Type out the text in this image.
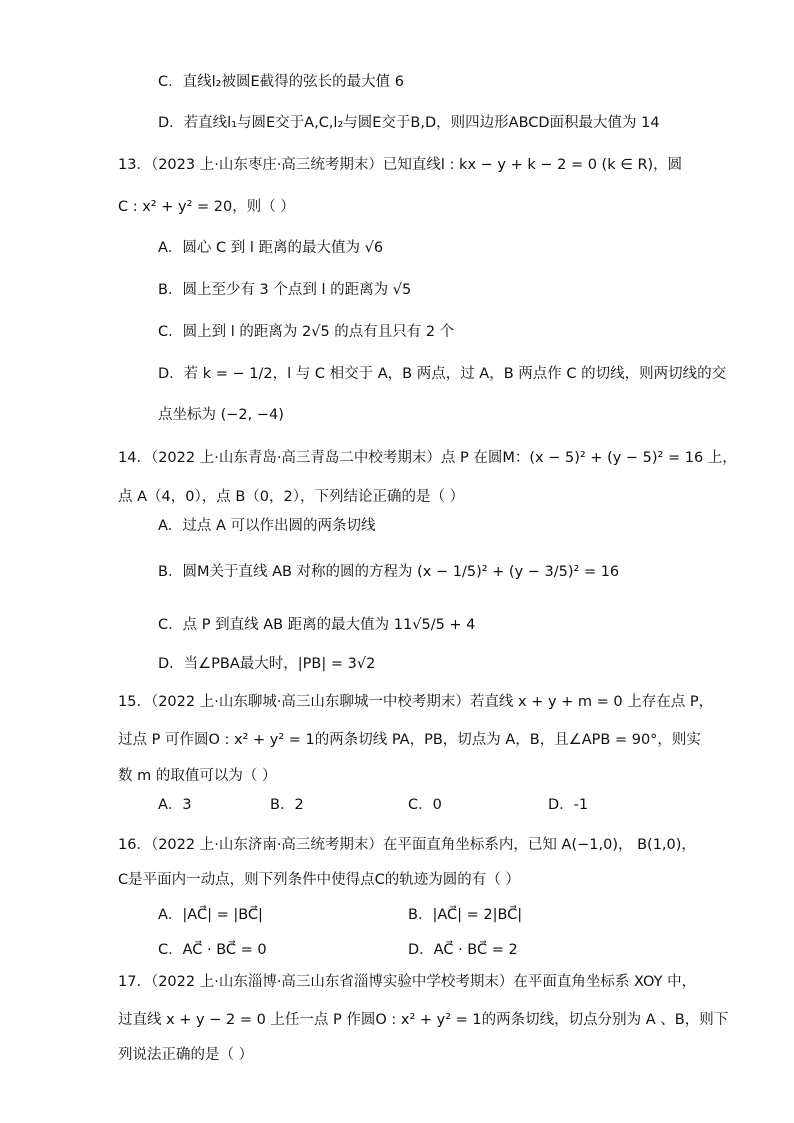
C．直线l₂被圆E截得的弦长的最大值 6
D．若直线l₁与圆E交于A,C,l₂与圆E交于B,D，则四边形ABCD面积最大值为 14
13．（2023 上·山东枣庄·高三统考期末）已知直线l : kx − y + k − 2 = 0 (k ∈ R)，圆
C : x² + y² = 20，则（ ）
A．圆心 C 到 l 距离的最大值为 √6
B．圆上至少有 3 个点到 l 的距离为 √5
C．圆上到 l 的距离为 2√5 的点有且只有 2 个
D．若 k = − 1/2，l 与 C 相交于 A，B 两点，过 A，B 两点作 C 的切线，则两切线的交
点坐标为 (−2, −4)
14．（2022 上·山东青岛·高三青岛二中校考期末）点 P 在圆M：(x − 5)² + (y − 5)² = 16 上，
点 A（4，0），点 B（0，2），下列结论正确的是（ ）
A．过点 A 可以作出圆的两条切线
B．圆M关于直线 AB 对称的圆的方程为 (x − 1/5)² + (y − 3/5)² = 16
C．点 P 到直线 AB 距离的最大值为 11√5/5 + 4
D．当∠PBA最大时，|PB| = 3√2
15．（2022 上·山东聊城·高三山东聊城一中校考期末）若直线 x + y + m = 0 上存在点 P，
过点 P 可作圆O : x² + y² = 1的两条切线 PA，PB，切点为 A，B，且∠APB = 90°，则实
数 m 的取值可以为（ ）
A．3	B．2	C．0	D．-1
16．（2022 上·山东济南·高三统考期末）在平面直角坐标系内，已知 A(−1,0)， B(1,0)，
C是平面内一动点，则下列条件中使得点C的轨迹为圆的有（ ）
A．|AC⃗| = |BC⃗|	B．|AC⃗| = 2|BC⃗|
C．AC⃗ · BC⃗ = 0	D．AC⃗ · BC⃗ = 2
17．（2022 上·山东淄博·高三山东省淄博实验中学校考期末）在平面直角坐标系 XOY 中，
过直线 x + y − 2 = 0 上任一点 P 作圆O : x² + y² = 1的两条切线，切点分别为 A 、B，则下
列说法正确的是（ ）
